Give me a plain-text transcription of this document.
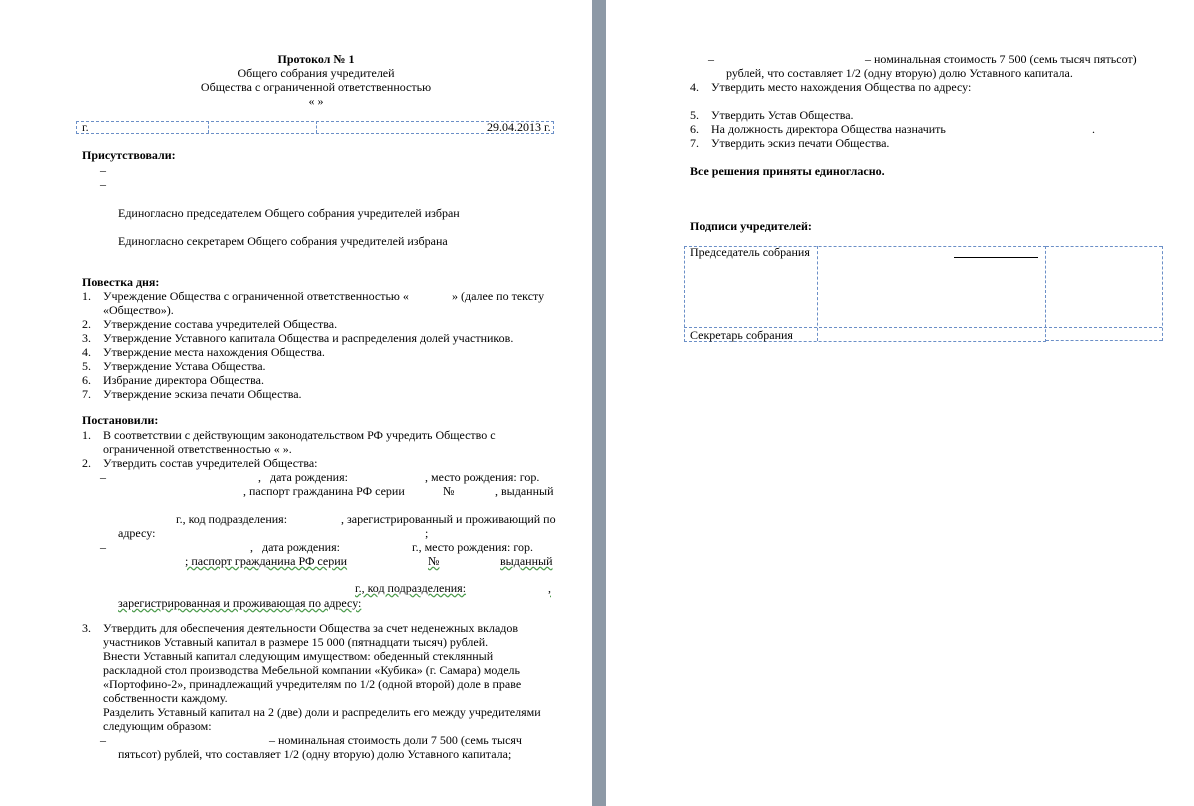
Протокол № 1
Общего собрания учредителей
Общества с ограниченной ответственностью
« »
г.	29.04.2013 г.
Присутствовали:
–
–
Единогласно председателем Общего собрания учредителей избран
Единогласно секретарем Общего собрания учредителей избрана
Повестка дня:
1. Учреждение Общества с ограниченной ответственностью «	» (далее по тексту
«Общество»).
2. Утверждение состава учредителей Общества.
3. Утверждение Уставного капитала Общества и распределения долей участников.
4. Утверждение места нахождения Общества.
5. Утверждение Устава Общества.
6. Избрание директора Общества.
7. Утверждение эскиза печати Общества.
Постановили:
1. В соответствии с действующим законодательством РФ учредить Общество с
ограниченной ответственностью « ».
2. Утвердить состав учредителей Общества:
–	, дата рождения:	, место рождения: гор.
, паспорт гражданина РФ серии	№	, выданный
г., код подразделения:	, зарегистрированный и проживающий по
адресу:	;
–	, дата рождения:	г., место рождения: гор.
; паспорт гражданина РФ серии	№	выданный
г., код подразделения:	,
зарегистрированная и проживающая по адресу:
3. Утвердить для обеспечения деятельности Общества за счет неденежных вкладов
участников Уставный капитал в размере 15 000 (пятнадцати тысяч) рублей.
Внести Уставный капитал следующим имуществом: обеденный стеклянный
раскладной стол производства Мебельной компании «Кубика» (г. Самара) модель
«Портофино-2», принадлежащий учредителям по 1/2 (одной второй) доле в праве
собственности каждому.
Разделить Уставный капитал на 2 (две) доли и распределить его между учредителями
следующим образом:
–	– номинальная стоимость доли 7 500 (семь тысяч
пятьсот) рублей, что составляет 1/2 (одну вторую) долю Уставного капитала;
–	– номинальная стоимость 7 500 (семь тысяч пятьсот)
рублей, что составляет 1/2 (одну вторую) долю Уставного капитала.
4. Утвердить место нахождения Общества по адресу:
5. Утвердить Устав Общества.
6. На должность директора Общества назначить	.
7. Утвердить эскиз печати Общества.
Все решения приняты единогласно.
Подписи учредителей:
Председатель собрания
Секретарь собрания
